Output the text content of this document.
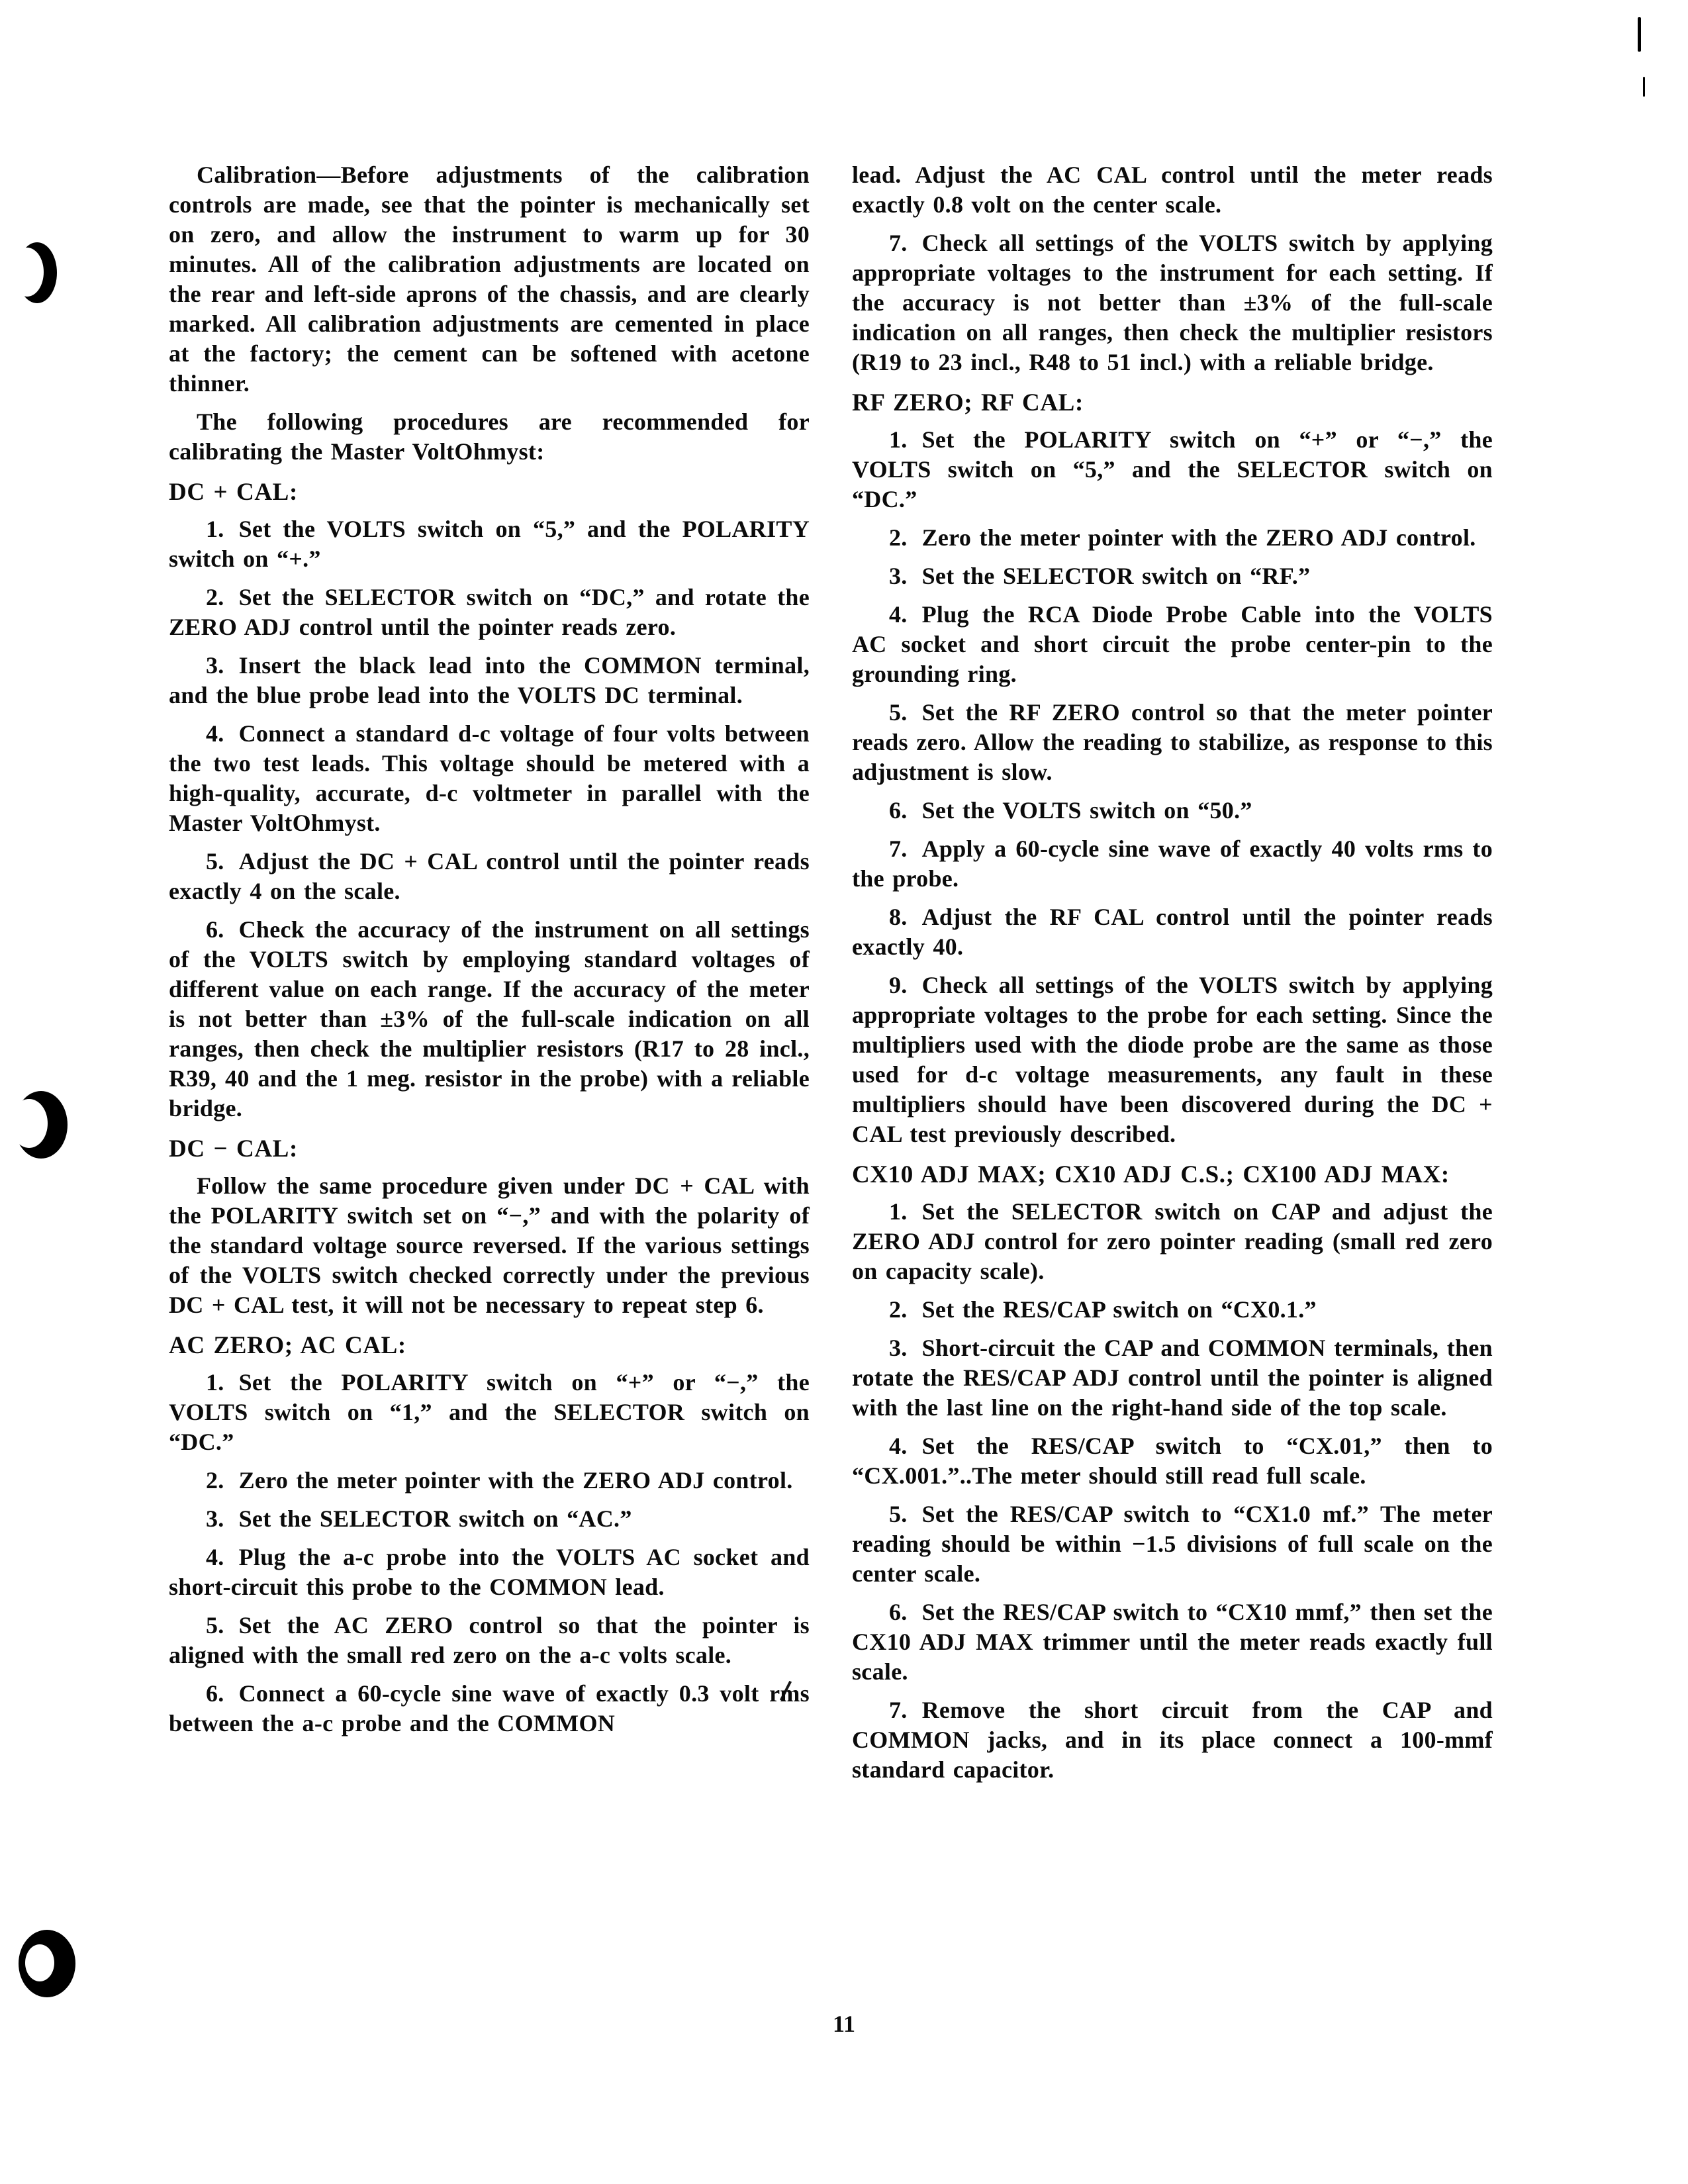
Calibration—Before adjustments of the calibration controls are made, see that the pointer is mechanically set on zero, and allow the instrument to warm up for 30 minutes. All of the calibration adjustments are located on the rear and left-side aprons of the chassis, and are clearly marked. All calibration adjustments are cemented in place at the factory; the cement can be softened with acetone thinner.

The following procedures are recommended for calibrating the Master VoltOhmyst:

DC + CAL:

1. Set the VOLTS switch on “5,” and the POLARITY switch on “+.”

2. Set the SELECTOR switch on “DC,” and rotate the ZERO ADJ control until the pointer reads zero.

3. Insert the black lead into the COMMON terminal, and the blue probe lead into the VOLTS DC terminal.

4. Connect a standard d-c voltage of four volts between the two test leads. This voltage should be metered with a high-quality, accurate, d-c voltmeter in parallel with the Master VoltOhmyst.

5. Adjust the DC + CAL control until the pointer reads exactly 4 on the scale.

6. Check the accuracy of the instrument on all settings of the VOLTS switch by employing standard voltages of different value on each range. If the accuracy of the meter is not better than ±3% of the full-scale indication on all ranges, then check the multiplier resistors (R17 to 28 incl., R39, 40 and the 1 meg. resistor in the probe) with a reliable bridge.

DC − CAL:

Follow the same procedure given under DC + CAL with the POLARITY switch set on “−,” and with the polarity of the standard voltage source reversed. If the various settings of the VOLTS switch checked correctly under the previous DC + CAL test, it will not be necessary to repeat step 6.

AC ZERO; AC CAL:

1. Set the POLARITY switch on “+” or “−,” the VOLTS switch on “1,” and the SELECTOR switch on “DC.”

2. Zero the meter pointer with the ZERO ADJ control.

3. Set the SELECTOR switch on “AC.”

4. Plug the a-c probe into the VOLTS AC socket and short-circuit this probe to the COMMON lead.

5. Set the AC ZERO control so that the pointer is aligned with the small red zero on the a-c volts scale.

6. Connect a 60-cycle sine wave of exactly 0.3 volt rms between the a-c probe and the COMMON

lead. Adjust the AC CAL control until the meter reads exactly 0.8 volt on the center scale.

7. Check all settings of the VOLTS switch by applying appropriate voltages to the instrument for each setting. If the accuracy is not better than ±3% of the full-scale indication on all ranges, then check the multiplier resistors (R19 to 23 incl., R48 to 51 incl.) with a reliable bridge.

RF ZERO; RF CAL:

1. Set the POLARITY switch on “+” or “−,” the VOLTS switch on “5,” and the SELECTOR switch on “DC.”

2. Zero the meter pointer with the ZERO ADJ control.

3. Set the SELECTOR switch on “RF.”

4. Plug the RCA Diode Probe Cable into the VOLTS AC socket and short circuit the probe center-pin to the grounding ring.

5. Set the RF ZERO control so that the meter pointer reads zero. Allow the reading to stabilize, as response to this adjustment is slow.

6. Set the VOLTS switch on “50.”

7. Apply a 60-cycle sine wave of exactly 40 volts rms to the probe.

8. Adjust the RF CAL control until the pointer reads exactly 40.

9. Check all settings of the VOLTS switch by applying appropriate voltages to the probe for each setting. Since the multipliers used with the diode probe are the same as those used for d-c voltage measurements, any fault in these multipliers should have been discovered during the DC + CAL test previously described.

CX10 ADJ MAX; CX10 ADJ C.S.; CX100 ADJ MAX:

1. Set the SELECTOR switch on CAP and adjust the ZERO ADJ control for zero pointer reading (small red zero on capacity scale).

2. Set the RES/CAP switch on “CX0.1.”

3. Short-circuit the CAP and COMMON terminals, then rotate the RES/CAP ADJ control until the pointer is aligned with the last line on the right-hand side of the top scale.

4. Set the RES/CAP switch to “CX.01,” then to “CX.001.”..The meter should still read full scale.

5. Set the RES/CAP switch to “CX1.0 mf.” The meter reading should be within −1.5 divisions of full scale on the center scale.

6. Set the RES/CAP switch to “CX10 mmf,” then set the CX10 ADJ MAX trimmer until the meter reads exactly full scale.

7. Remove the short circuit from the CAP and COMMON jacks, and in its place connect a 100-mmf standard capacitor.

11
